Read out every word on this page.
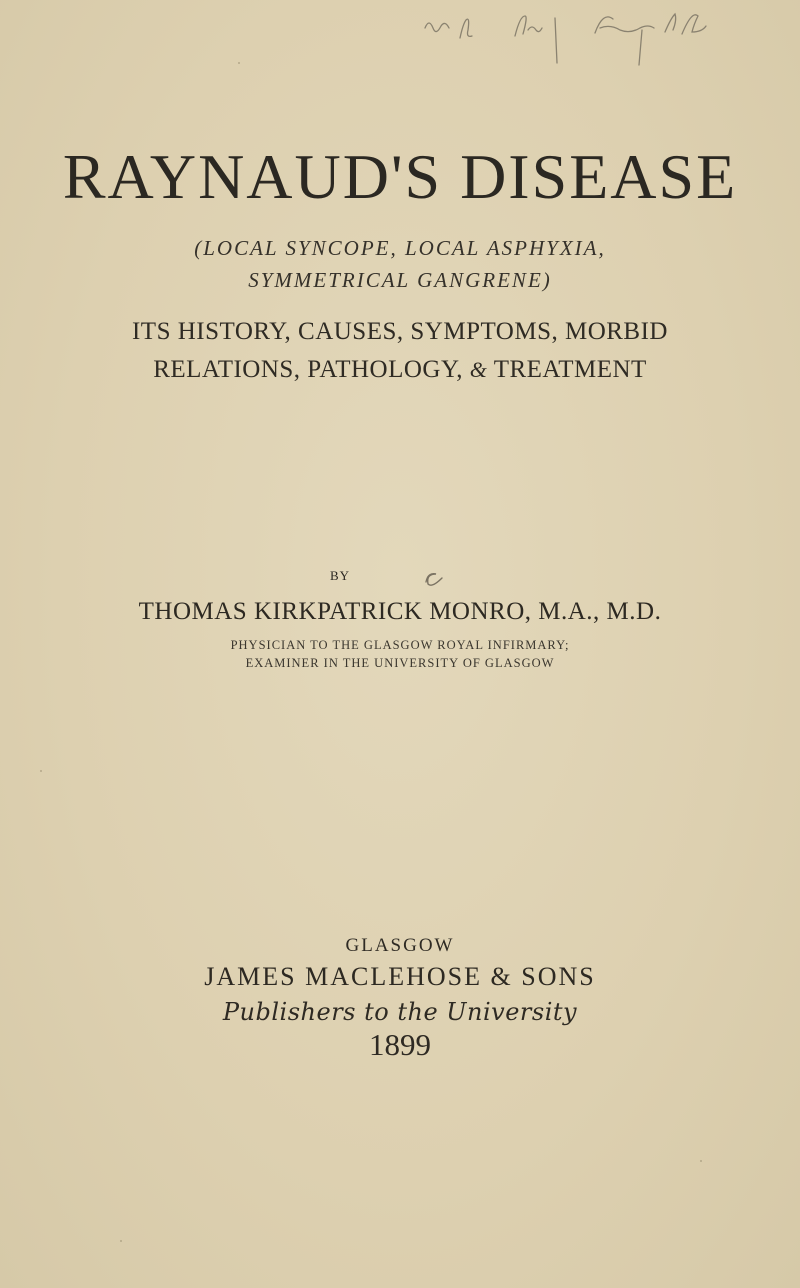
RAYNAUD'S DISEASE
(LOCAL SYNCOPE, LOCAL ASPHYXIA,
SYMMETRICAL GANGRENE)
ITS HISTORY, CAUSES, SYMPTOMS, MORBID
RELATIONS, PATHOLOGY, & TREATMENT
BY
THOMAS KIRKPATRICK MONRO, M.A., M.D.
PHYSICIAN TO THE GLASGOW ROYAL INFIRMARY;
EXAMINER IN THE UNIVERSITY OF GLASGOW
GLASGOW
JAMES MACLEHOSE & SONS
Publishers to the University
1899
